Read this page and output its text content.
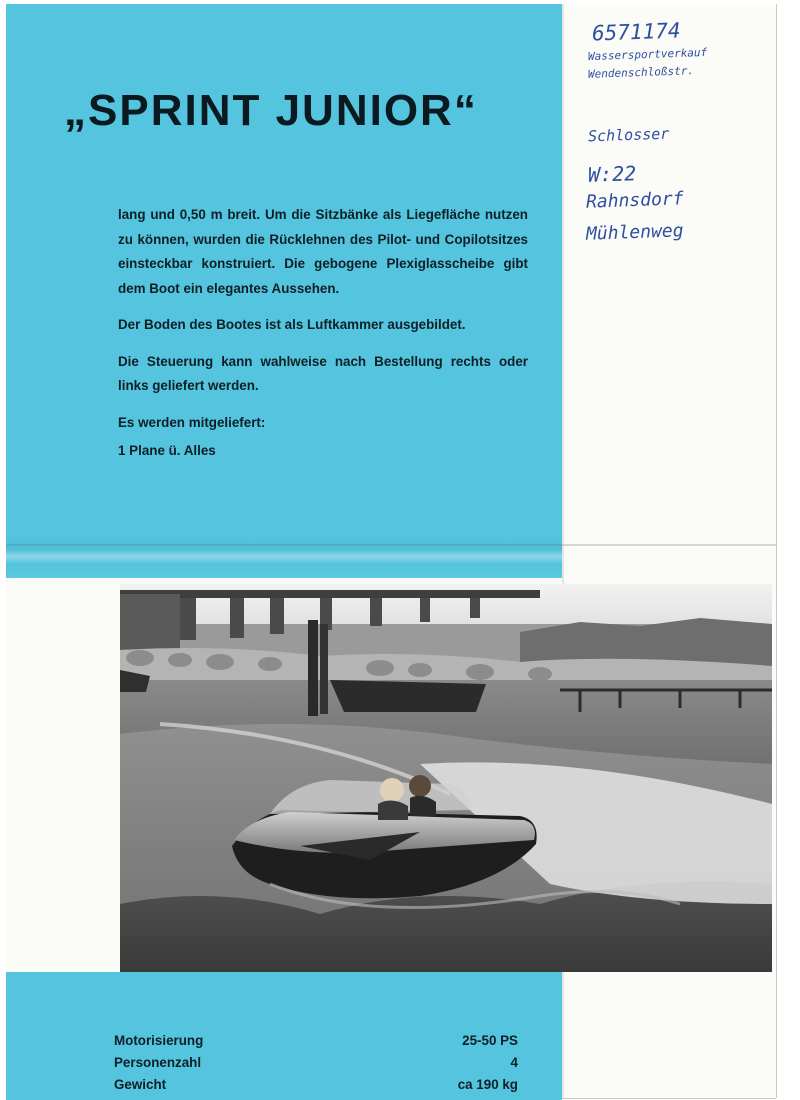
„SPRINT JUNIOR“

lang und 0,50 m breit. Um die Sitzbänke als Liegefläche nutzen zu können, wurden die Rücklehnen des Pilot- und Copilotsitzes einsteckbar konstruiert. Die gebogene Plexiglasscheibe gibt dem Boot ein elegantes Aussehen.

Der Boden des Bootes ist als Luftkammer ausgebildet.

Die Steuerung kann wahlweise nach Bestellung rechts oder links geliefert werden.

Es werden mitgeliefert:

1 Plane ü. Alles

6571174
Wassersportverkauf
Wendenschloßstr.
Schlosser
W:22
Rahnsdorf
Mühlenweg
Motorisierung	25-50 PS
Personenzahl	4
Gewicht	ca 190 kg
